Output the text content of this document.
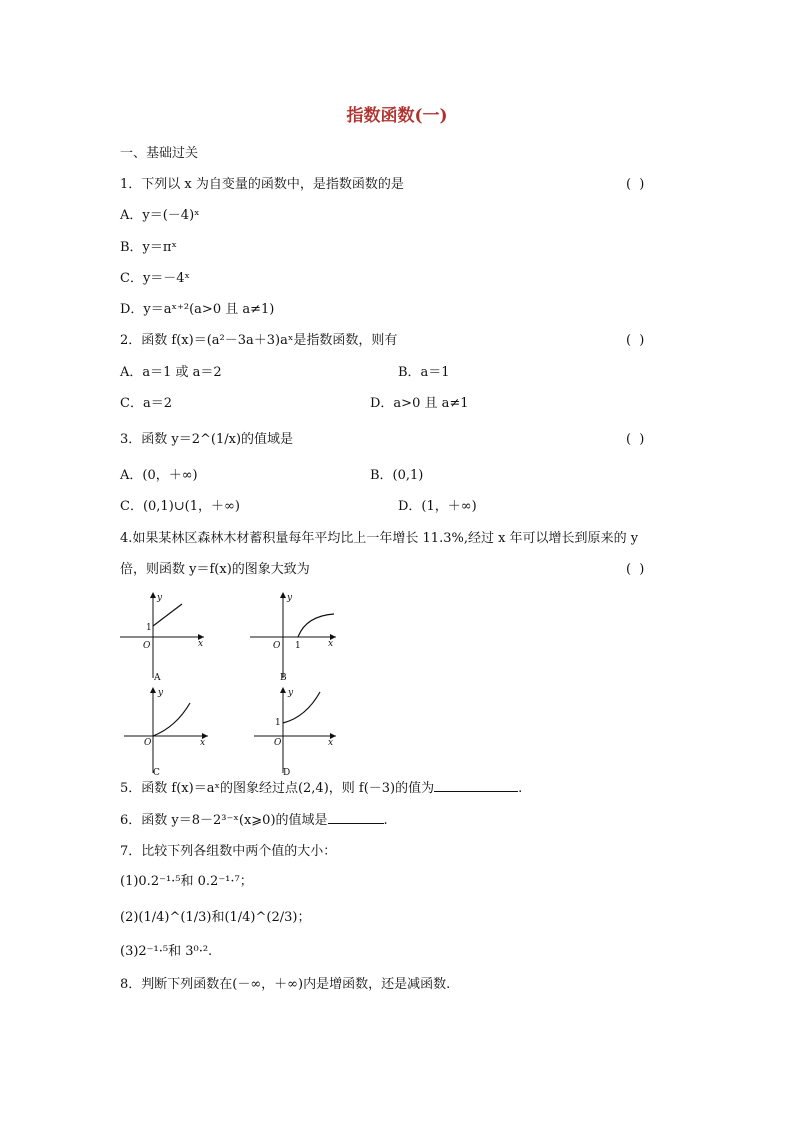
指数函数(一)
一、基础过关
1．下列以 x 为自变量的函数中，是指数函数的是	( )
A．y＝(－4)ˣ
B．y＝πˣ
C．y＝－4ˣ
D．y＝aˣ⁺²(a>0 且 a≠1)
2．函数 f(x)＝(a²－3a＋3)aˣ是指数函数，则有	( )
A．a＝1 或 a＝2	B．a＝1
C．a＝2	D．a>0 且 a≠1
3．函数 y＝2^(1/x)的值域是	( )
A．(0，＋∞)	B．(0,1)
C．(0,1)∪(1，＋∞)	D．(1，＋∞)
4.如果某林区森林木材蓄积量每年平均比上一年增长 11.3%,经过 x 年可以增长到原来的 y
倍，则函数 y＝f(x)的图象大致为	( )
y
x
O
1
A
y
x
O 1
B
y
x
O
C
y
x
O
1
D
5．函数 f(x)＝aˣ的图象经过点(2,4)，则 f(－3)的值为	.
6．函数 y＝8－2³⁻ˣ(x⩾0)的值域是	.
7．比较下列各组数中两个值的大小：
(1)0.2⁻¹·⁵和 0.2⁻¹·⁷；
(2)(1/4)^(1/3)和(1/4)^(2/3)；
(3)2⁻¹·⁵和 3⁰·².
8．判断下列函数在(－∞，＋∞)内是增函数，还是减函数.
